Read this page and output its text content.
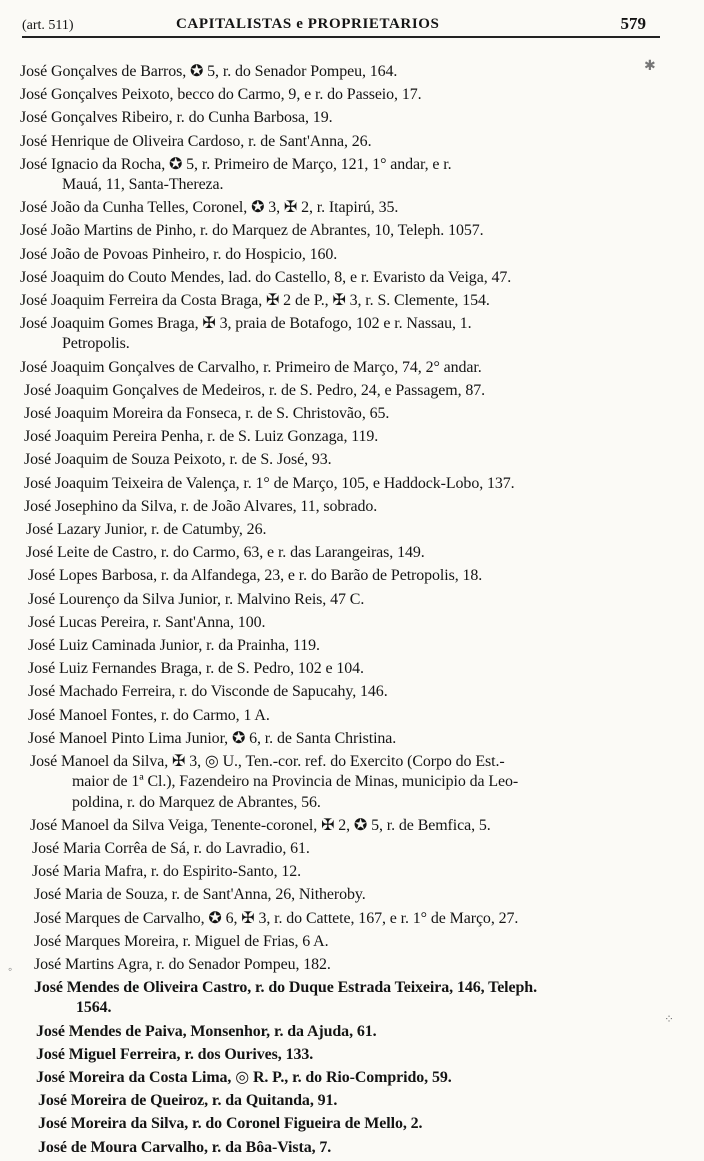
(art. 511)	CAPITALISTAS e PROPRIETARIOS	579
José Gonçalves de Barros, ✪ 5, r. do Senador Pompeu, 164.
José Gonçalves Peixoto, becco do Carmo, 9, e r. do Passeio, 17.
José Gonçalves Ribeiro, r. do Cunha Barbosa, 19.
José Henrique de Oliveira Cardoso, r. de Sant'Anna, 26.
José Ignacio da Rocha, ✪ 5, r. Primeiro de Março, 121, 1° andar, e r.
Mauá, 11, Santa-Thereza.
José João da Cunha Telles, Coronel, ✪ 3, ✠ 2, r. Itapirú, 35.
José João Martins de Pinho, r. do Marquez de Abrantes, 10, Teleph. 1057.
José João de Povoas Pinheiro, r. do Hospicio, 160.
José Joaquim do Couto Mendes, lad. do Castello, 8, e r. Evaristo da Veiga, 47.
José Joaquim Ferreira da Costa Braga, ✠ 2 de P., ✠ 3, r. S. Clemente, 154.
José Joaquim Gomes Braga, ✠ 3, praia de Botafogo, 102 e r. Nassau, 1.
Petropolis.
José Joaquim Gonçalves de Carvalho, r. Primeiro de Março, 74, 2° andar.
José Joaquim Gonçalves de Medeiros, r. de S. Pedro, 24, e Passagem, 87.
José Joaquim Moreira da Fonseca, r. de S. Christovão, 65.
José Joaquim Pereira Penha, r. de S. Luiz Gonzaga, 119.
José Joaquim de Souza Peixoto, r. de S. José, 93.
José Joaquim Teixeira de Valença, r. 1° de Março, 105, e Haddock-Lobo, 137.
José Josephino da Silva, r. de João Alvares, 11, sobrado.
José Lazary Junior, r. de Catumby, 26.
José Leite de Castro, r. do Carmo, 63, e r. das Larangeiras, 149.
José Lopes Barbosa, r. da Alfandega, 23, e r. do Barão de Petropolis, 18.
José Lourenço da Silva Junior, r. Malvino Reis, 47 C.
José Lucas Pereira, r. Sant'Anna, 100.
José Luiz Caminada Junior, r. da Prainha, 119.
José Luiz Fernandes Braga, r. de S. Pedro, 102 e 104.
José Machado Ferreira, r. do Visconde de Sapucahy, 146.
José Manoel Fontes, r. do Carmo, 1 A.
José Manoel Pinto Lima Junior, ✪ 6, r. de Santa Christina.
José Manoel da Silva, ✠ 3, ◎ U., Ten.-cor. ref. do Exercito (Corpo do Est.-
maior de 1ª Cl.), Fazendeiro na Provincia de Minas, municipio da Leo-
poldina, r. do Marquez de Abrantes, 56.
José Manoel da Silva Veiga, Tenente-coronel, ✠ 2, ✪ 5, r. de Bemfica, 5.
José Maria Corrêa de Sá, r. do Lavradio, 61.
José Maria Mafra, r. do Espirito-Santo, 12.
José Maria de Souza, r. de Sant'Anna, 26, Nitheroby.
José Marques de Carvalho, ✪ 6, ✠ 3, r. do Cattete, 167, e r. 1° de Março, 27.
José Marques Moreira, r. Miguel de Frias, 6 A.
José Martins Agra, r. do Senador Pompeu, 182.
José Mendes de Oliveira Castro, r. do Duque Estrada Teixeira, 146, Teleph.
1564.
José Mendes de Paiva, Monsenhor, r. da Ajuda, 61.
José Miguel Ferreira, r. dos Ourives, 133.
José Moreira da Costa Lima, ◎ R. P., r. do Rio-Comprido, 59.
José Moreira de Queiroz, r. da Quitanda, 91.
José Moreira da Silva, r. do Coronel Figueira de Mello, 2.
José de Moura Carvalho, r. da Bôa-Vista, 7.
✱
⁘
◦
